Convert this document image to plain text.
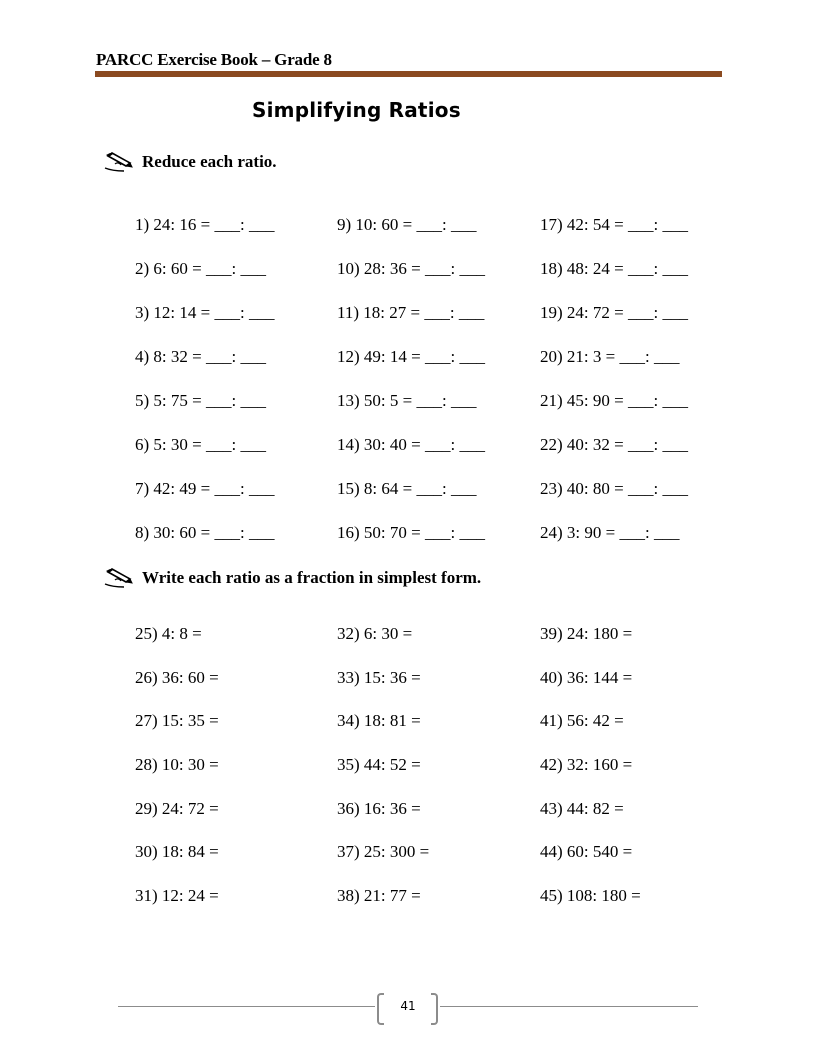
PARCC Exercise Book – Grade 8
Simplifying Ratios
Reduce each ratio.
1) 24: 16 = ___: ___	9) 10: 60 = ___: ___	17) 42: 54 = ___: ___
2) 6: 60 = ___: ___	10) 28: 36 = ___: ___	18) 48: 24 = ___: ___
3) 12: 14 = ___: ___	11) 18: 27 = ___: ___	19) 24: 72 = ___: ___
4) 8: 32 = ___: ___	12) 49: 14 = ___: ___	20) 21: 3 = ___: ___
5) 5: 75 = ___: ___	13) 50: 5 = ___: ___	21) 45: 90 = ___: ___
6) 5: 30 = ___: ___	14) 30: 40 = ___: ___	22) 40: 32 = ___: ___
7) 42: 49 = ___: ___	15) 8: 64 = ___: ___	23) 40: 80 = ___: ___
8) 30: 60 = ___: ___	16) 50: 70 = ___: ___	24) 3: 90 = ___: ___
Write each ratio as a fraction in simplest form.
25) 4: 8 =	32) 6: 30 =	39) 24: 180 =
26) 36: 60 =	33) 15: 36 =	40) 36: 144 =
27) 15: 35 =	34) 18: 81 =	41) 56: 42 =
28) 10: 30 =	35) 44: 52 =	42) 32: 160 =
29) 24: 72 =	36) 16: 36 =	43) 44: 82 =
30) 18: 84 =	37) 25: 300 =	44) 60: 540 =
31) 12: 24 =	38) 21: 77 =	45) 108: 180 =
41
